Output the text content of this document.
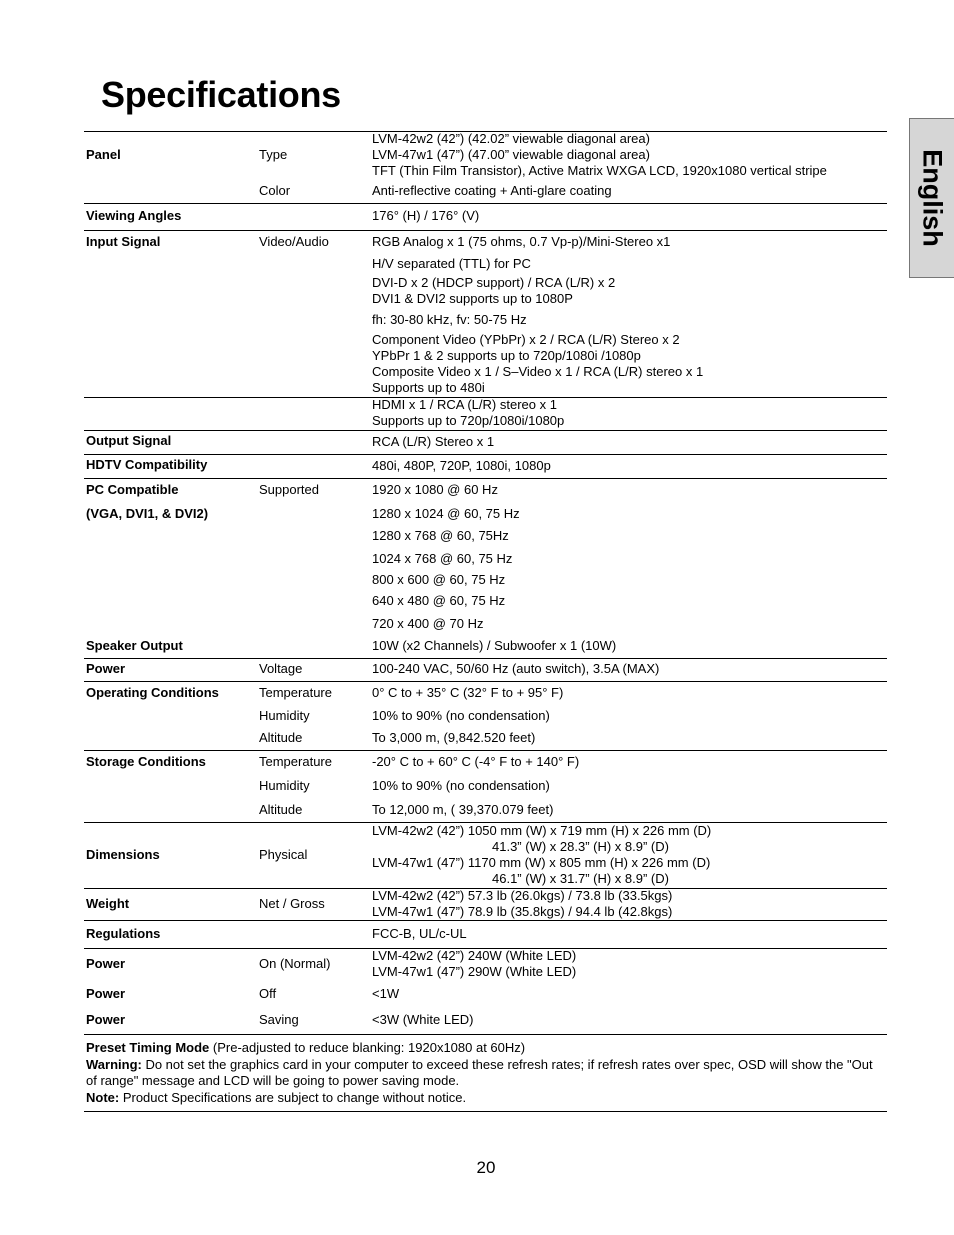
Specifications
English
Panel	Type
LVM-42w2 (42”) (42.02” viewable diagonal area)
LVM-47w1 (47”) (47.00” viewable diagonal area)
TFT (Thin Film Transistor), Active Matrix WXGA LCD, 1920x1080 vertical stripe
Color	Anti-reflective coating + Anti-glare coating
Viewing Angles	176° (H) / 176° (V)
Input Signal	Video/Audio	RGB Analog x 1 (75 ohms, 0.7 Vp-p)/Mini-Stereo x1
H/V separated (TTL) for PC
DVI-D x 2 (HDCP support) / RCA (L/R) x 2
DVI1 & DVI2 supports up to 1080P
fh: 30-80 kHz, fv: 50-75 Hz
Component Video (YPbPr) x 2 / RCA (L/R) Stereo x 2
YPbPr 1 & 2 supports up to 720p/1080i /1080p
Composite Video x 1 / S–Video x 1 / RCA (L/R) stereo x 1
Supports up to 480i
HDMI x 1 / RCA (L/R) stereo x 1
Supports up to 720p/1080i/1080p
Output Signal	RCA (L/R) Stereo x 1
HDTV Compatibility	480i, 480P, 720P, 1080i, 1080p
PC Compatible
(VGA, DVI1, & DVI2)
Supported	1920 x 1080 @ 60 Hz
1280 x 1024 @ 60, 75 Hz
1280 x 768 @ 60, 75Hz
1024 x 768 @ 60, 75 Hz
800 x 600 @ 60, 75 Hz
640 x 480 @ 60, 75 Hz
720 x 400 @ 70 Hz
Speaker Output	10W (x2 Channels) / Subwoofer x 1 (10W)
Power	Voltage	100-240 VAC, 50/60 Hz (auto switch), 3.5A (MAX)
Operating Conditions	Temperature	0° C to + 35° C (32° F to + 95° F)
Humidity	10% to 90% (no condensation)
Altitude	To 3,000 m, (9,842.520 feet)
Storage Conditions	Temperature	-20° C to + 60° C (-4° F to + 140° F)
Humidity	10% to 90% (no condensation)
Altitude	To 12,000 m, ( 39,370.079 feet)
Dimensions	Physical
LVM-42w2 (42”) 1050 mm (W) x 719 mm (H) x 226 mm (D)
41.3” (W) x 28.3” (H) x 8.9” (D)
LVM-47w1 (47”) 1170 mm (W) x 805 mm (H) x 226 mm (D)
46.1” (W) x 31.7” (H) x 8.9” (D)
Weight	Net / Gross
LVM-42w2 (42”) 57.3 lb (26.0kgs) / 73.8 lb (33.5kgs)
LVM-47w1 (47”) 78.9 lb (35.8kgs) / 94.4 lb (42.8kgs)
Regulations	FCC-B, UL/c-UL
Power	On (Normal)
LVM-42w2 (42”) 240W (White LED)
LVM-47w1 (47”) 290W (White LED)
Power	Off	<1W
Power	Saving	<3W (White LED)

Preset Timing Mode (Pre-adjusted to reduce blanking: 1920x1080 at 60Hz)

Warning: Do not set the graphics card in your computer to exceed these refresh rates; if refresh rates over spec, OSD will show the "Out of range" message and LCD will be going to power saving mode.

Note: Product Specifications are subject to change without notice.

20
